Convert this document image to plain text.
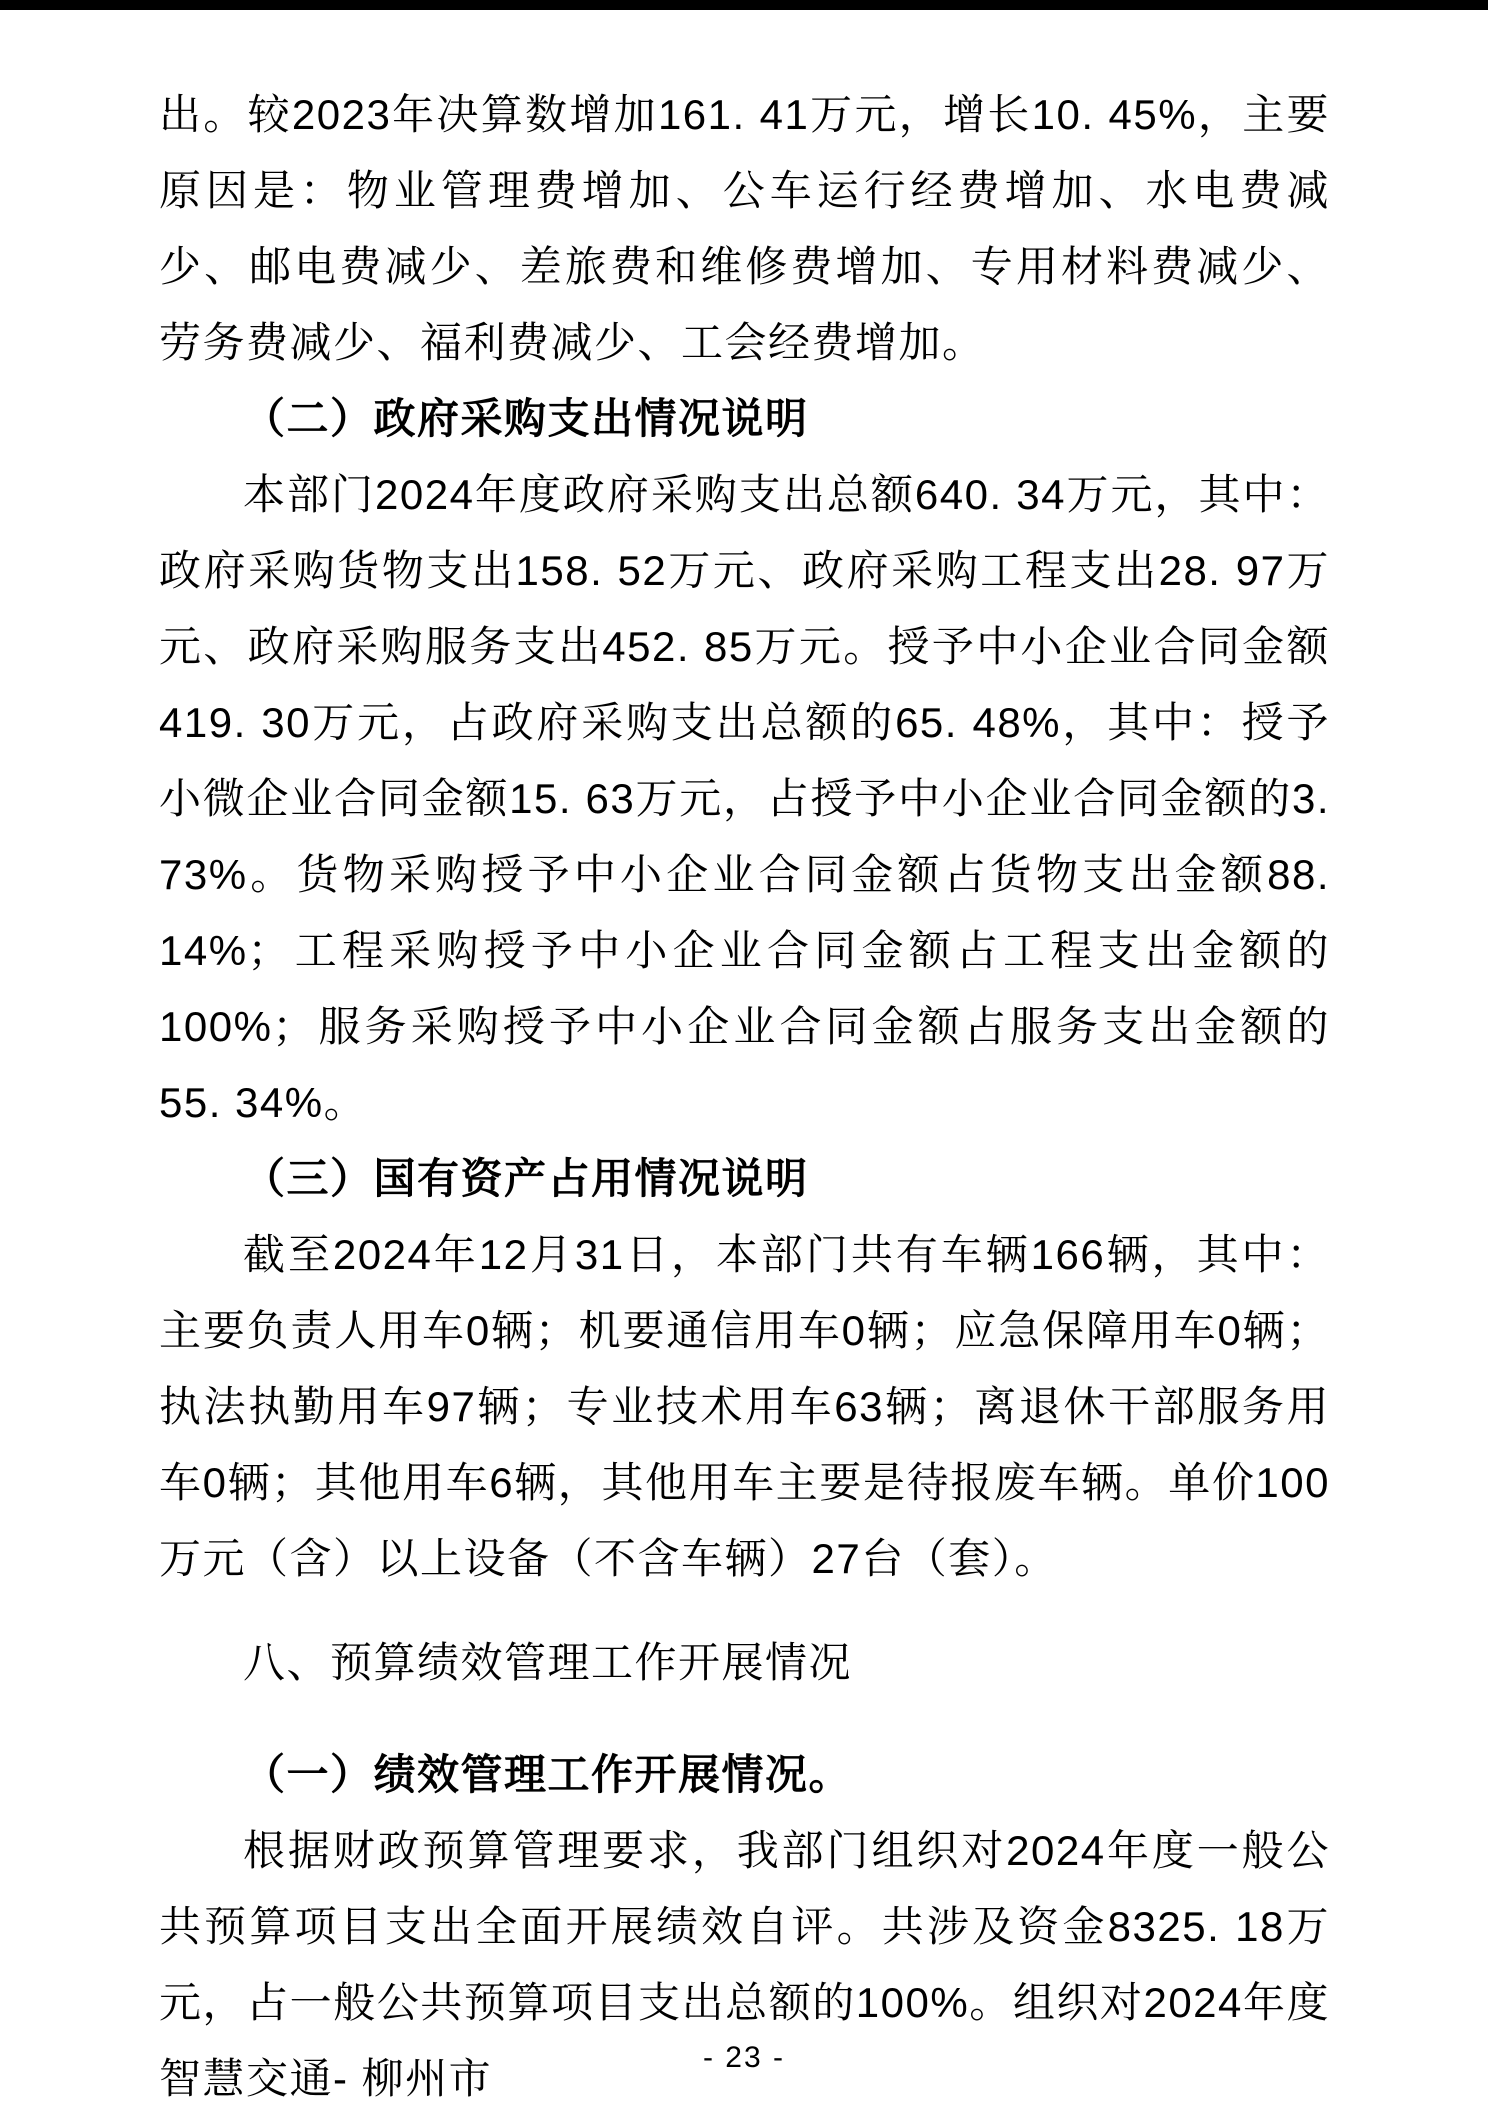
出。较2023年决算数增加161. 41万元，增长10. 45%，主要原因是：物业管理费增加、公车运行经费增加、水电费减少、邮电费减少、差旅费和维修费增加、专用材料费减少、劳务费减少、福利费减少、工会经费增加。

（二）政府采购支出情况说明

本部门2024年度政府采购支出总额640. 34万元，其中：政府采购货物支出158. 52万元、政府采购工程支出28. 97万元、政府采购服务支出452. 85万元。授予中小企业合同金额419. 30万元，占政府采购支出总额的65. 48%，其中：授予小微企业合同金额15. 63万元，占授予中小企业合同金额的3. 73%。货物采购授予中小企业合同金额占货物支出金额88. 14%；工程采购授予中小企业合同金额占工程支出金额的100%；服务采购授予中小企业合同金额占服务支出金额的55. 34%。

（三）国有资产占用情况说明

截至2024年12月31日，本部门共有车辆166辆，其中：主要负责人用车0辆；机要通信用车0辆；应急保障用车0辆；执法执勤用车97辆；专业技术用车63辆；离退休干部服务用车0辆；其他用车6辆，其他用车主要是待报废车辆。单价100万元（含）以上设备（不含车辆）27台（套）。

八、预算绩效管理工作开展情况
（一）绩效管理工作开展情况。

根据财政预算管理要求，我部门组织对2024年度一般公共预算项目支出全面开展绩效自评。共涉及资金8325. 18万元，占一般公共预算项目支出总额的100%。组织对2024年度智慧交通- 柳州市	- 23 -
